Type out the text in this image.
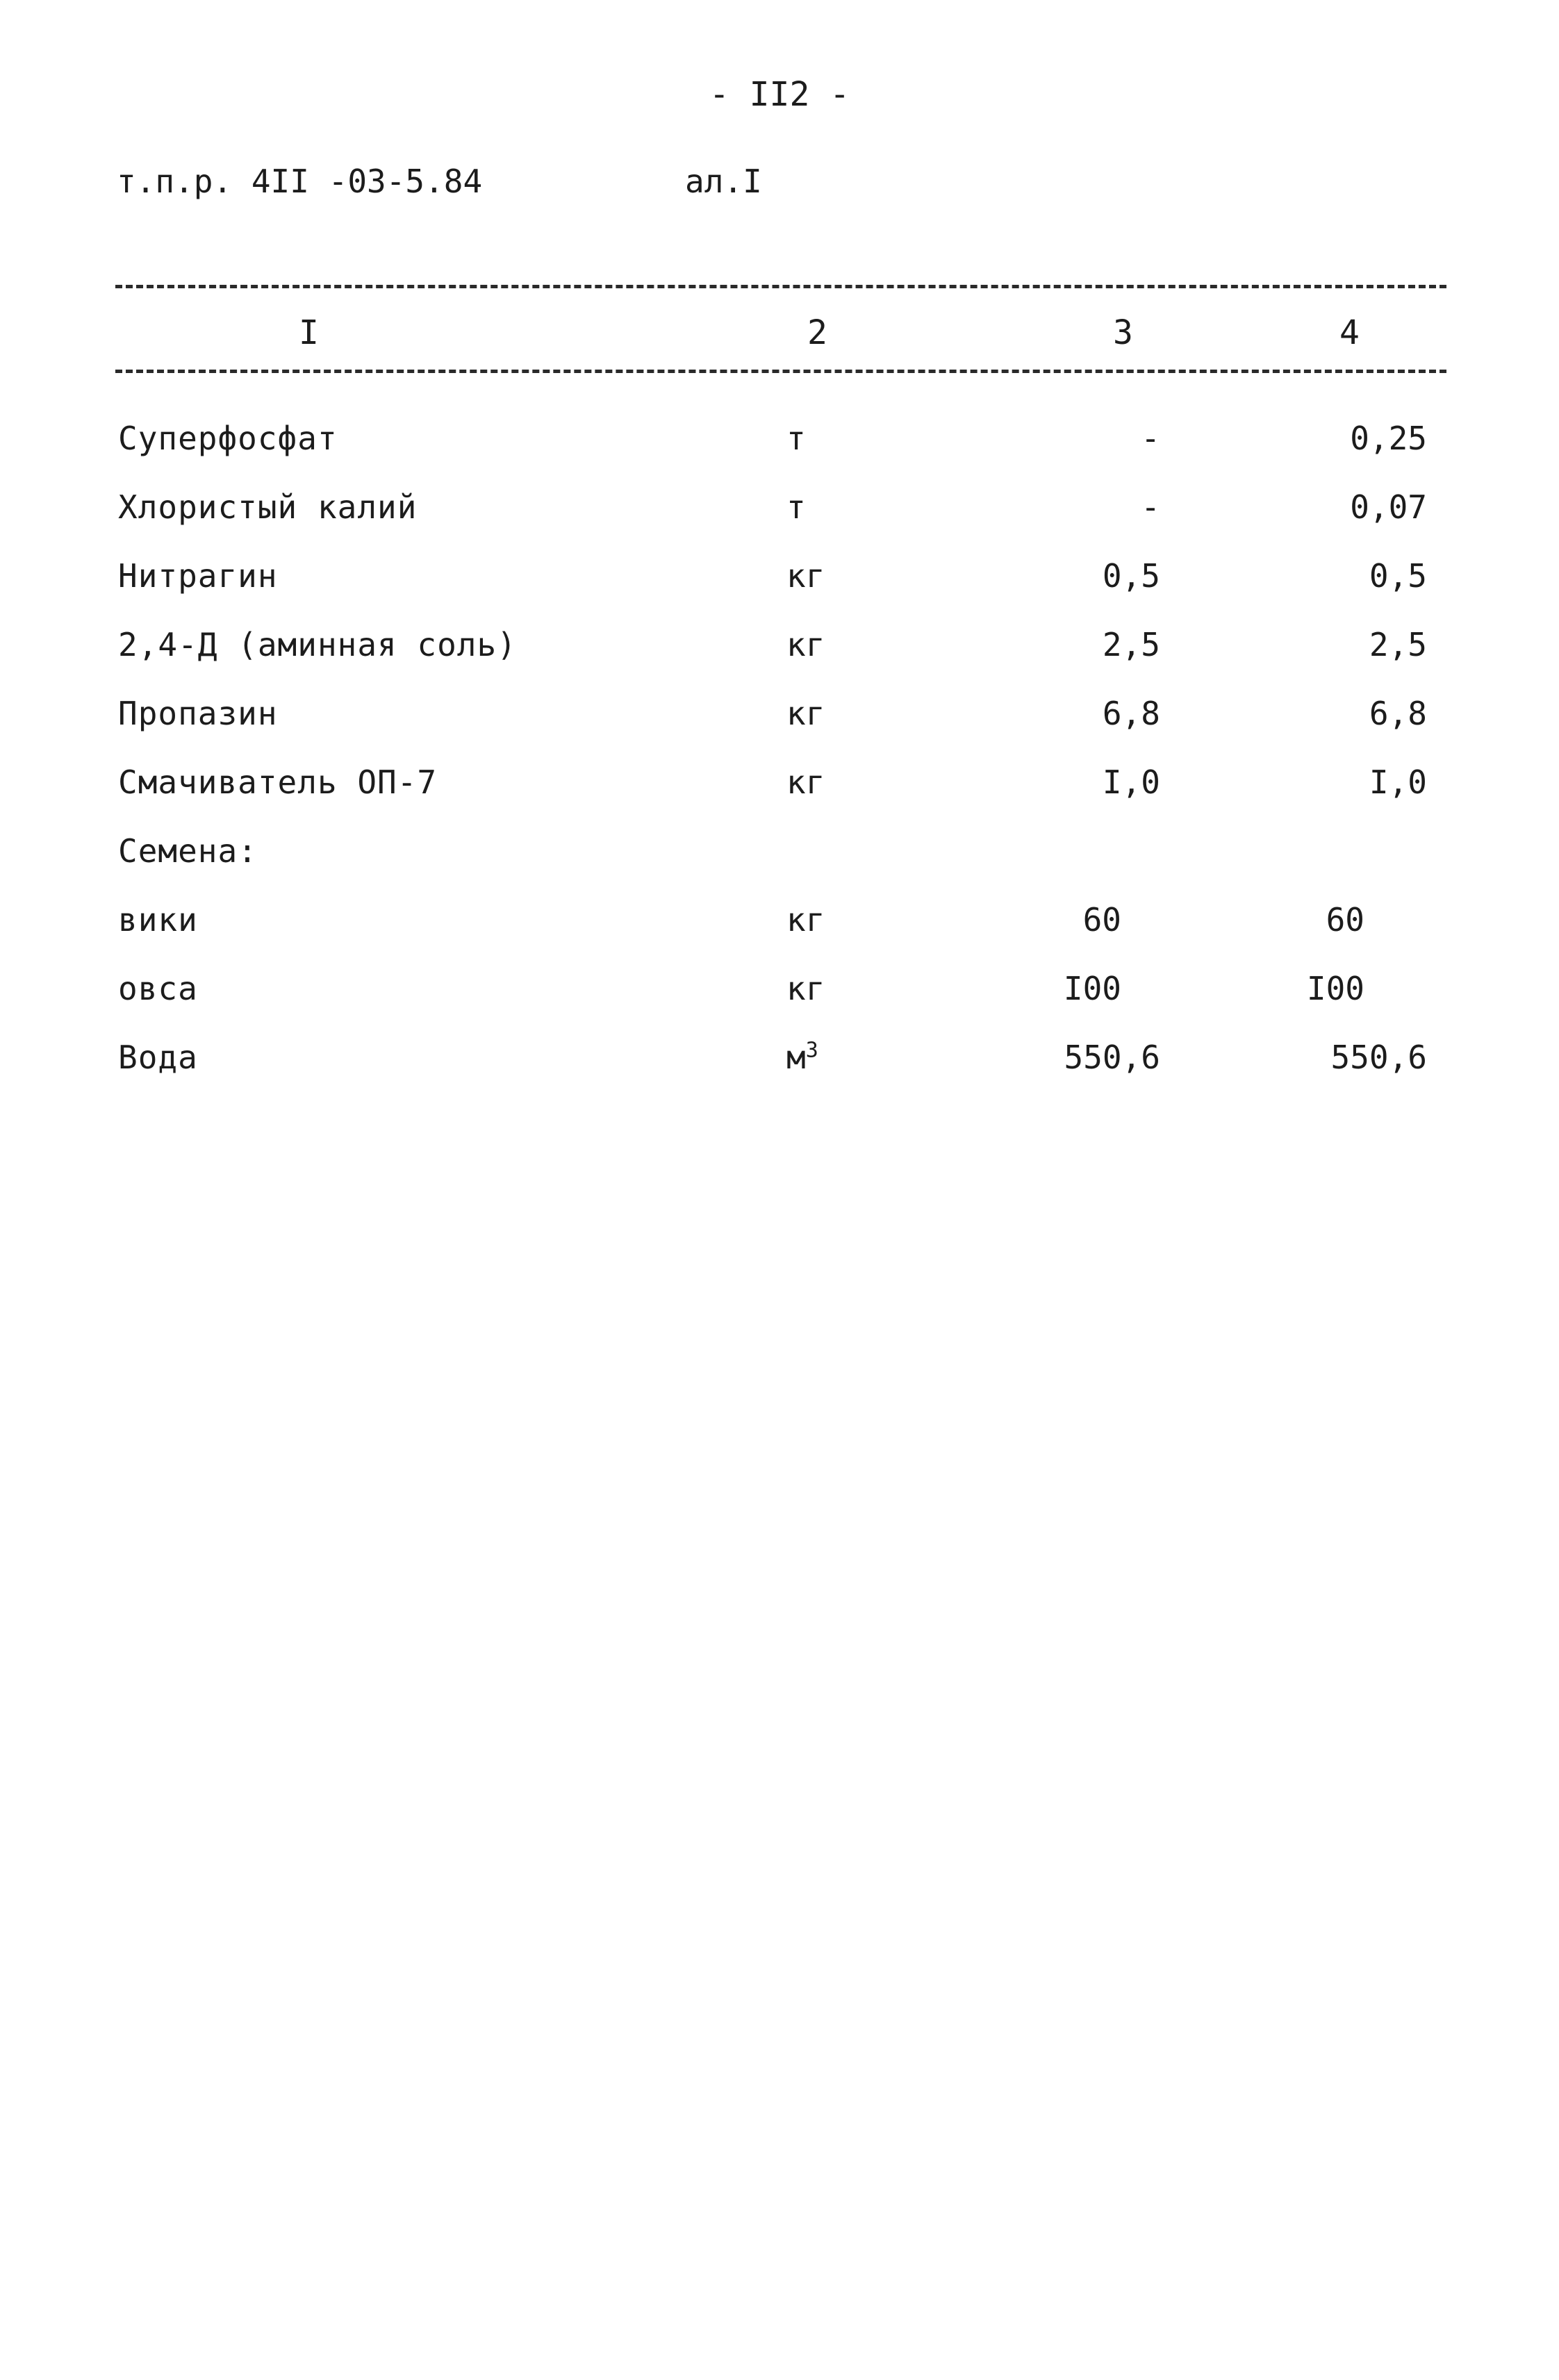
- II2 -
т.п.р. 4II -03-5.84	ал.I
I	2	3	4
Суперфосфат	т	-	0,25
Хлористый калий	т	-	0,07
Нитрагин	кг	0,5	0,5
2,4-Д (аминная соль)	кг	2,5	2,5
Пропазин	кг	6,8	6,8
Смачиватель ОП-7	кг	I,0	I,0
Семена:
вики	кг	60	60
овса	кг	I00	I00
Вода	$м^3$	550,6	550,6
